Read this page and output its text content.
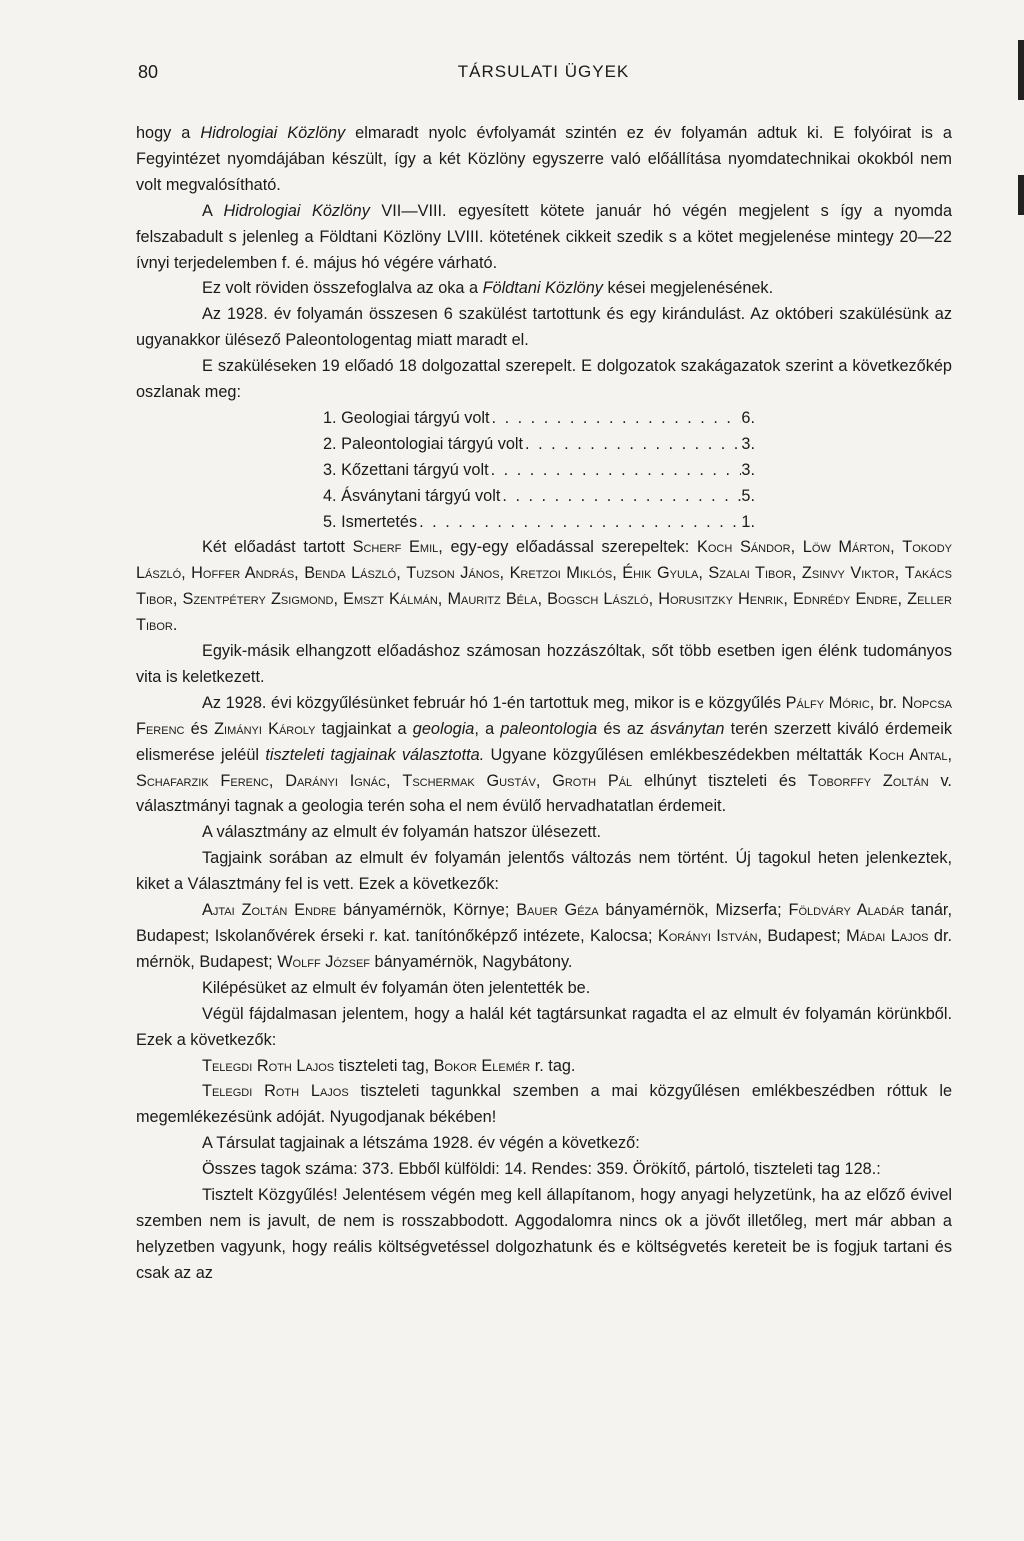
80	TÁRSULATI ÜGYEK

hogy a Hidrologiai Közlöny elmaradt nyolc évfolyamát szintén ez év folyamán adtuk ki. E folyóirat is a Fegyintézet nyomdájában készült, így a két Közlöny egyszerre való előállítása nyomdatechnikai okokból nem volt megvalósítható.

A Hidrologiai Közlöny VII—VIII. egyesített kötete január hó végén megjelent s így a nyomda felszabadult s jelenleg a Földtani Közlöny LVIII. kötetének cikkeit szedik s a kötet megjelenése mintegy 20—22 ívnyi terjedelemben f. é. május hó végére várható.

Ez volt röviden összefoglalva az oka a Földtani Közlöny kései megjelenésének.

Az 1928. év folyamán összesen 6 szakülést tartottunk és egy kirándulást. Az októberi szakülésünk az ugyanakkor ülésező Paleontologentag miatt maradt el.

E szaküléseken 19 előadó 18 dolgozattal szerepelt. E dolgozatok szakágazatok szerint a következőkép oszlanak meg:

1. Geologiai tárgyú volt . . .	6.
2. Paleontologiai tárgyú volt . . .	3.
3. Kőzettani tárgyú volt . . .	3.
4. Ásványtani tárgyú volt . . .	5.
5. Ismertetés . . .	1.

Két előadást tartott Scherf Emil, egy-egy előadással szerepeltek: Koch Sándor, Löw Márton, Tokody László, Hoffer András, Benda László, Tuzson János, Kretzoi Miklós, Éhik Gyula, Szalai Tibor, Zsinvy Viktor, Takács Tibor, Szentpétery Zsigmond, Emszt Kálmán, Mauritz Béla, Bogsch László, Horusitzky Henrik, Ednrédy Endre, Zeller Tibor.

Egyik-másik elhangzott előadáshoz számosan hozzászóltak, sőt több esetben igen élénk tudományos vita is keletkezett.

Az 1928. évi közgyűlésünket február hó 1-én tartottuk meg, mikor is e közgyűlés Pálfy Móric, br. Nopcsa Ferenc és Zimányi Károly tagjainkat a geologia, a paleontologia és az ásványtan terén szerzett kiváló érdemeik elismerése jeléül tiszteleti tagjainak választotta. Ugyane közgyűlésen emlékbeszédekben méltatták Koch Antal, Schafarzik Ferenc, Darányi Ignác, Tschermak Gustáv, Groth Pál elhúnyt tiszteleti és Toborffy Zoltán v. választmányi tagnak a geologia terén soha el nem évülő hervadhatatlan érdemeit.

A választmány az elmult év folyamán hatszor ülésezett.

Tagjaink sorában az elmult év folyamán jelentős változás nem történt. Új tagokul heten jelenkeztek, kiket a Választmány fel is vett. Ezek a következők:

Ajtai Zoltán Endre bányamérnök, Környe; Bauer Géza bányamérnök, Mizserfa; Földváry Aladár tanár, Budapest; Iskolanővérek érseki r. kat. tanítónőképző intézete, Kalocsa; Korányi István, Budapest; Mádai Lajos dr. mérnök, Budapest; Wolff József bányamérnök, Nagybátony.

Kilépésüket az elmult év folyamán öten jelentették be.

Végül fájdalmasan jelentem, hogy a halál két tagtársunkat ragadta el az elmult év folyamán körünkből. Ezek a következők:

Telegdi Roth Lajos tiszteleti tag, Bokor Elemér r. tag.

Telegdi Roth Lajos tiszteleti tagunkkal szemben a mai közgyűlésen emlékbeszédben róttuk le megemlékezésünk adóját. Nyugodjanak békében!

A Társulat tagjainak a létszáma 1928. év végén a következő:

Összes tagok száma: 373. Ebből külföldi: 14. Rendes: 359. Örökítő, pártoló, tiszteleti tag 128.:

Tisztelt Közgyűlés! Jelentésem végén meg kell állapítanom, hogy anyagi helyzetünk, ha az előző évivel szemben nem is javult, de nem is rosszabbodott. Aggodalomra nincs ok a jövőt illetőleg, mert már abban a helyzetben vagyunk, hogy reális költségvetéssel dolgozhatunk és e költségvetés kereteit be is fogjuk tartani és csak az az
